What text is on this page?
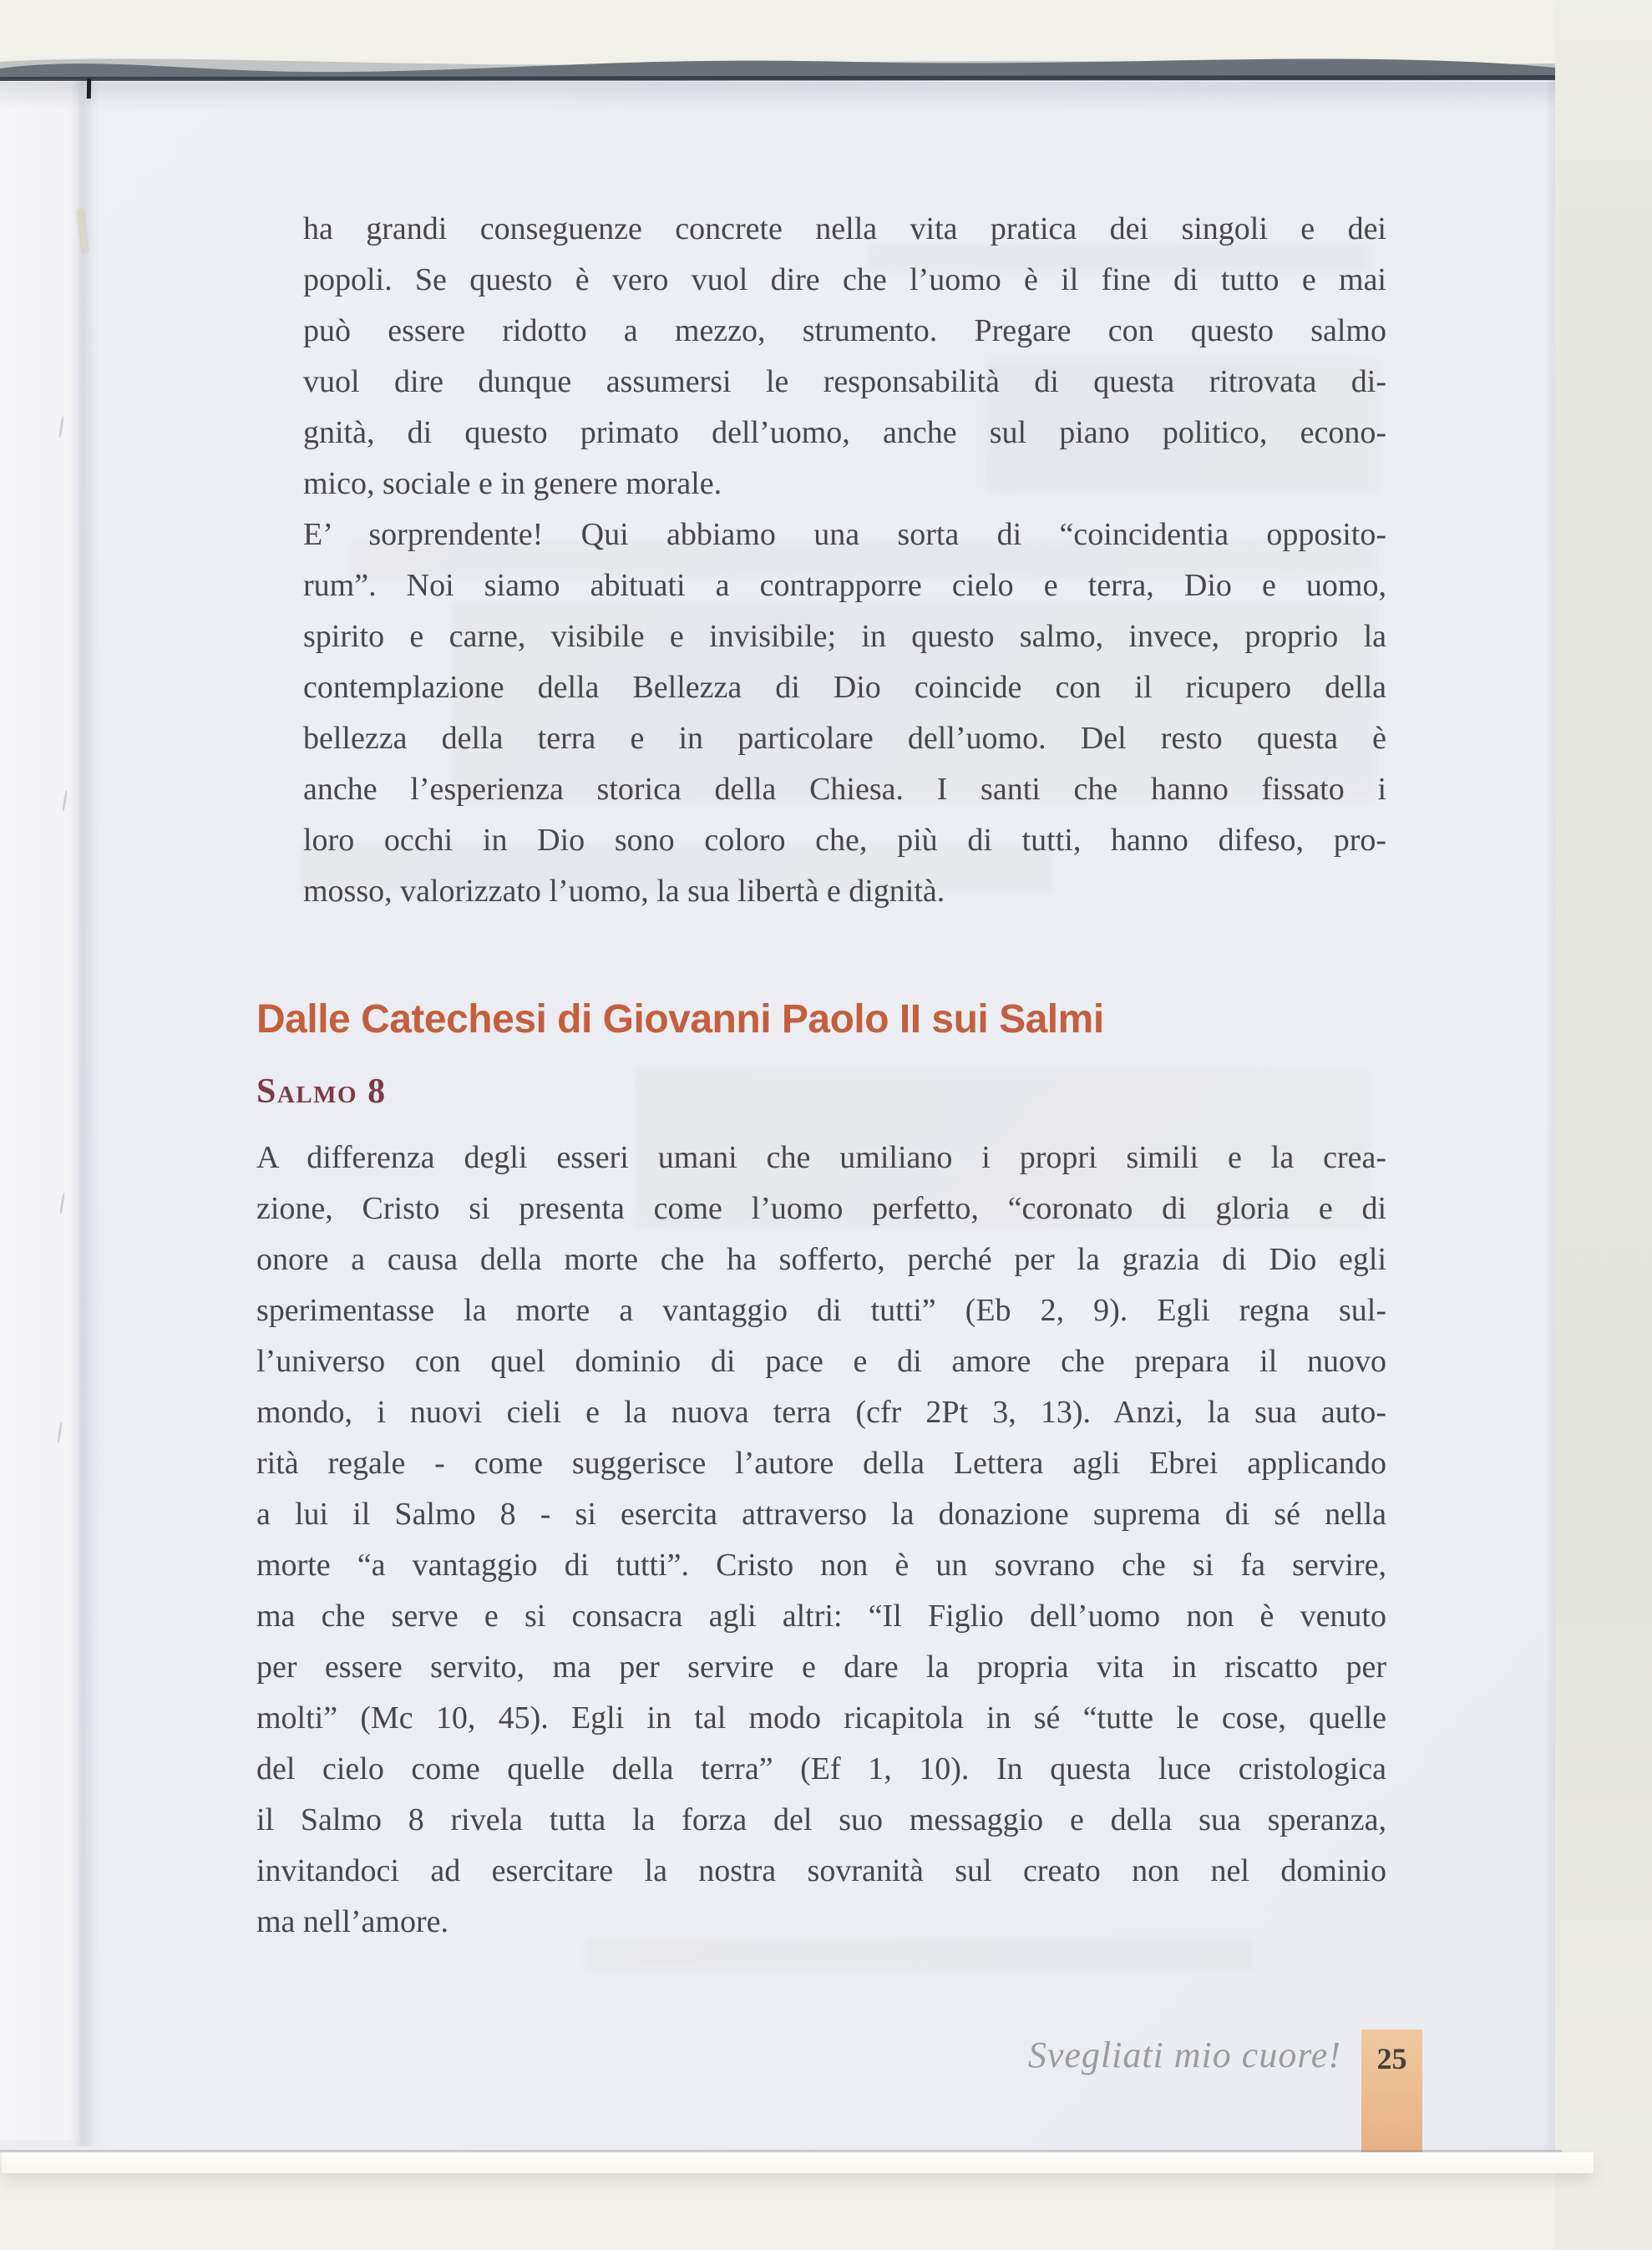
ha grandi conseguenze concrete nella vita pratica dei singoli e dei
popoli. Se questo è vero vuol dire che l’uomo è il fine di tutto e mai
può essere ridotto a mezzo, strumento. Pregare con questo salmo
vuol dire dunque assumersi le responsabilità di questa ritrovata di-
gnità, di questo primato dell’uomo, anche sul piano politico, econo-
mico, sociale e in genere morale.
E’ sorprendente! Qui abbiamo una sorta di “coincidentia opposito-
rum”. Noi siamo abituati a contrapporre cielo e terra, Dio e uomo,
spirito e carne, visibile e invisibile; in questo salmo, invece, proprio la
contemplazione della Bellezza di Dio coincide con il ricupero della
bellezza della terra e in particolare dell’uomo. Del resto questa è
anche l’esperienza storica della Chiesa. I santi che hanno fissato i
loro occhi in Dio sono coloro che, più di tutti, hanno difeso, pro-
mosso, valorizzato l’uomo, la sua libertà e dignità.
Dalle Catechesi di Giovanni Paolo II sui Salmi
Salmo 8
A differenza degli esseri umani che umiliano i propri simili e la crea-
zione, Cristo si presenta come l’uomo perfetto, “coronato di gloria e di
onore a causa della morte che ha sofferto, perché per la grazia di Dio egli
sperimentasse la morte a vantaggio di tutti” (Eb 2, 9). Egli regna sul-
l’universo con quel dominio di pace e di amore che prepara il nuovo
mondo, i nuovi cieli e la nuova terra (cfr 2Pt 3, 13). Anzi, la sua auto-
rità regale - come suggerisce l’autore della Lettera agli Ebrei applicando
a lui il Salmo 8 - si esercita attraverso la donazione suprema di sé nella
morte “a vantaggio di tutti”. Cristo non è un sovrano che si fa servire,
ma che serve e si consacra agli altri: “Il Figlio dell’uomo non è venuto
per essere servito, ma per servire e dare la propria vita in riscatto per
molti” (Mc 10, 45). Egli in tal modo ricapitola in sé “tutte le cose, quelle
del cielo come quelle della terra” (Ef 1, 10). In questa luce cristologica
il Salmo 8 rivela tutta la forza del suo messaggio e della sua speranza,
invitandoci ad esercitare la nostra sovranità sul creato non nel dominio
ma nell’amore.
Svegliati mio cuore!	25
